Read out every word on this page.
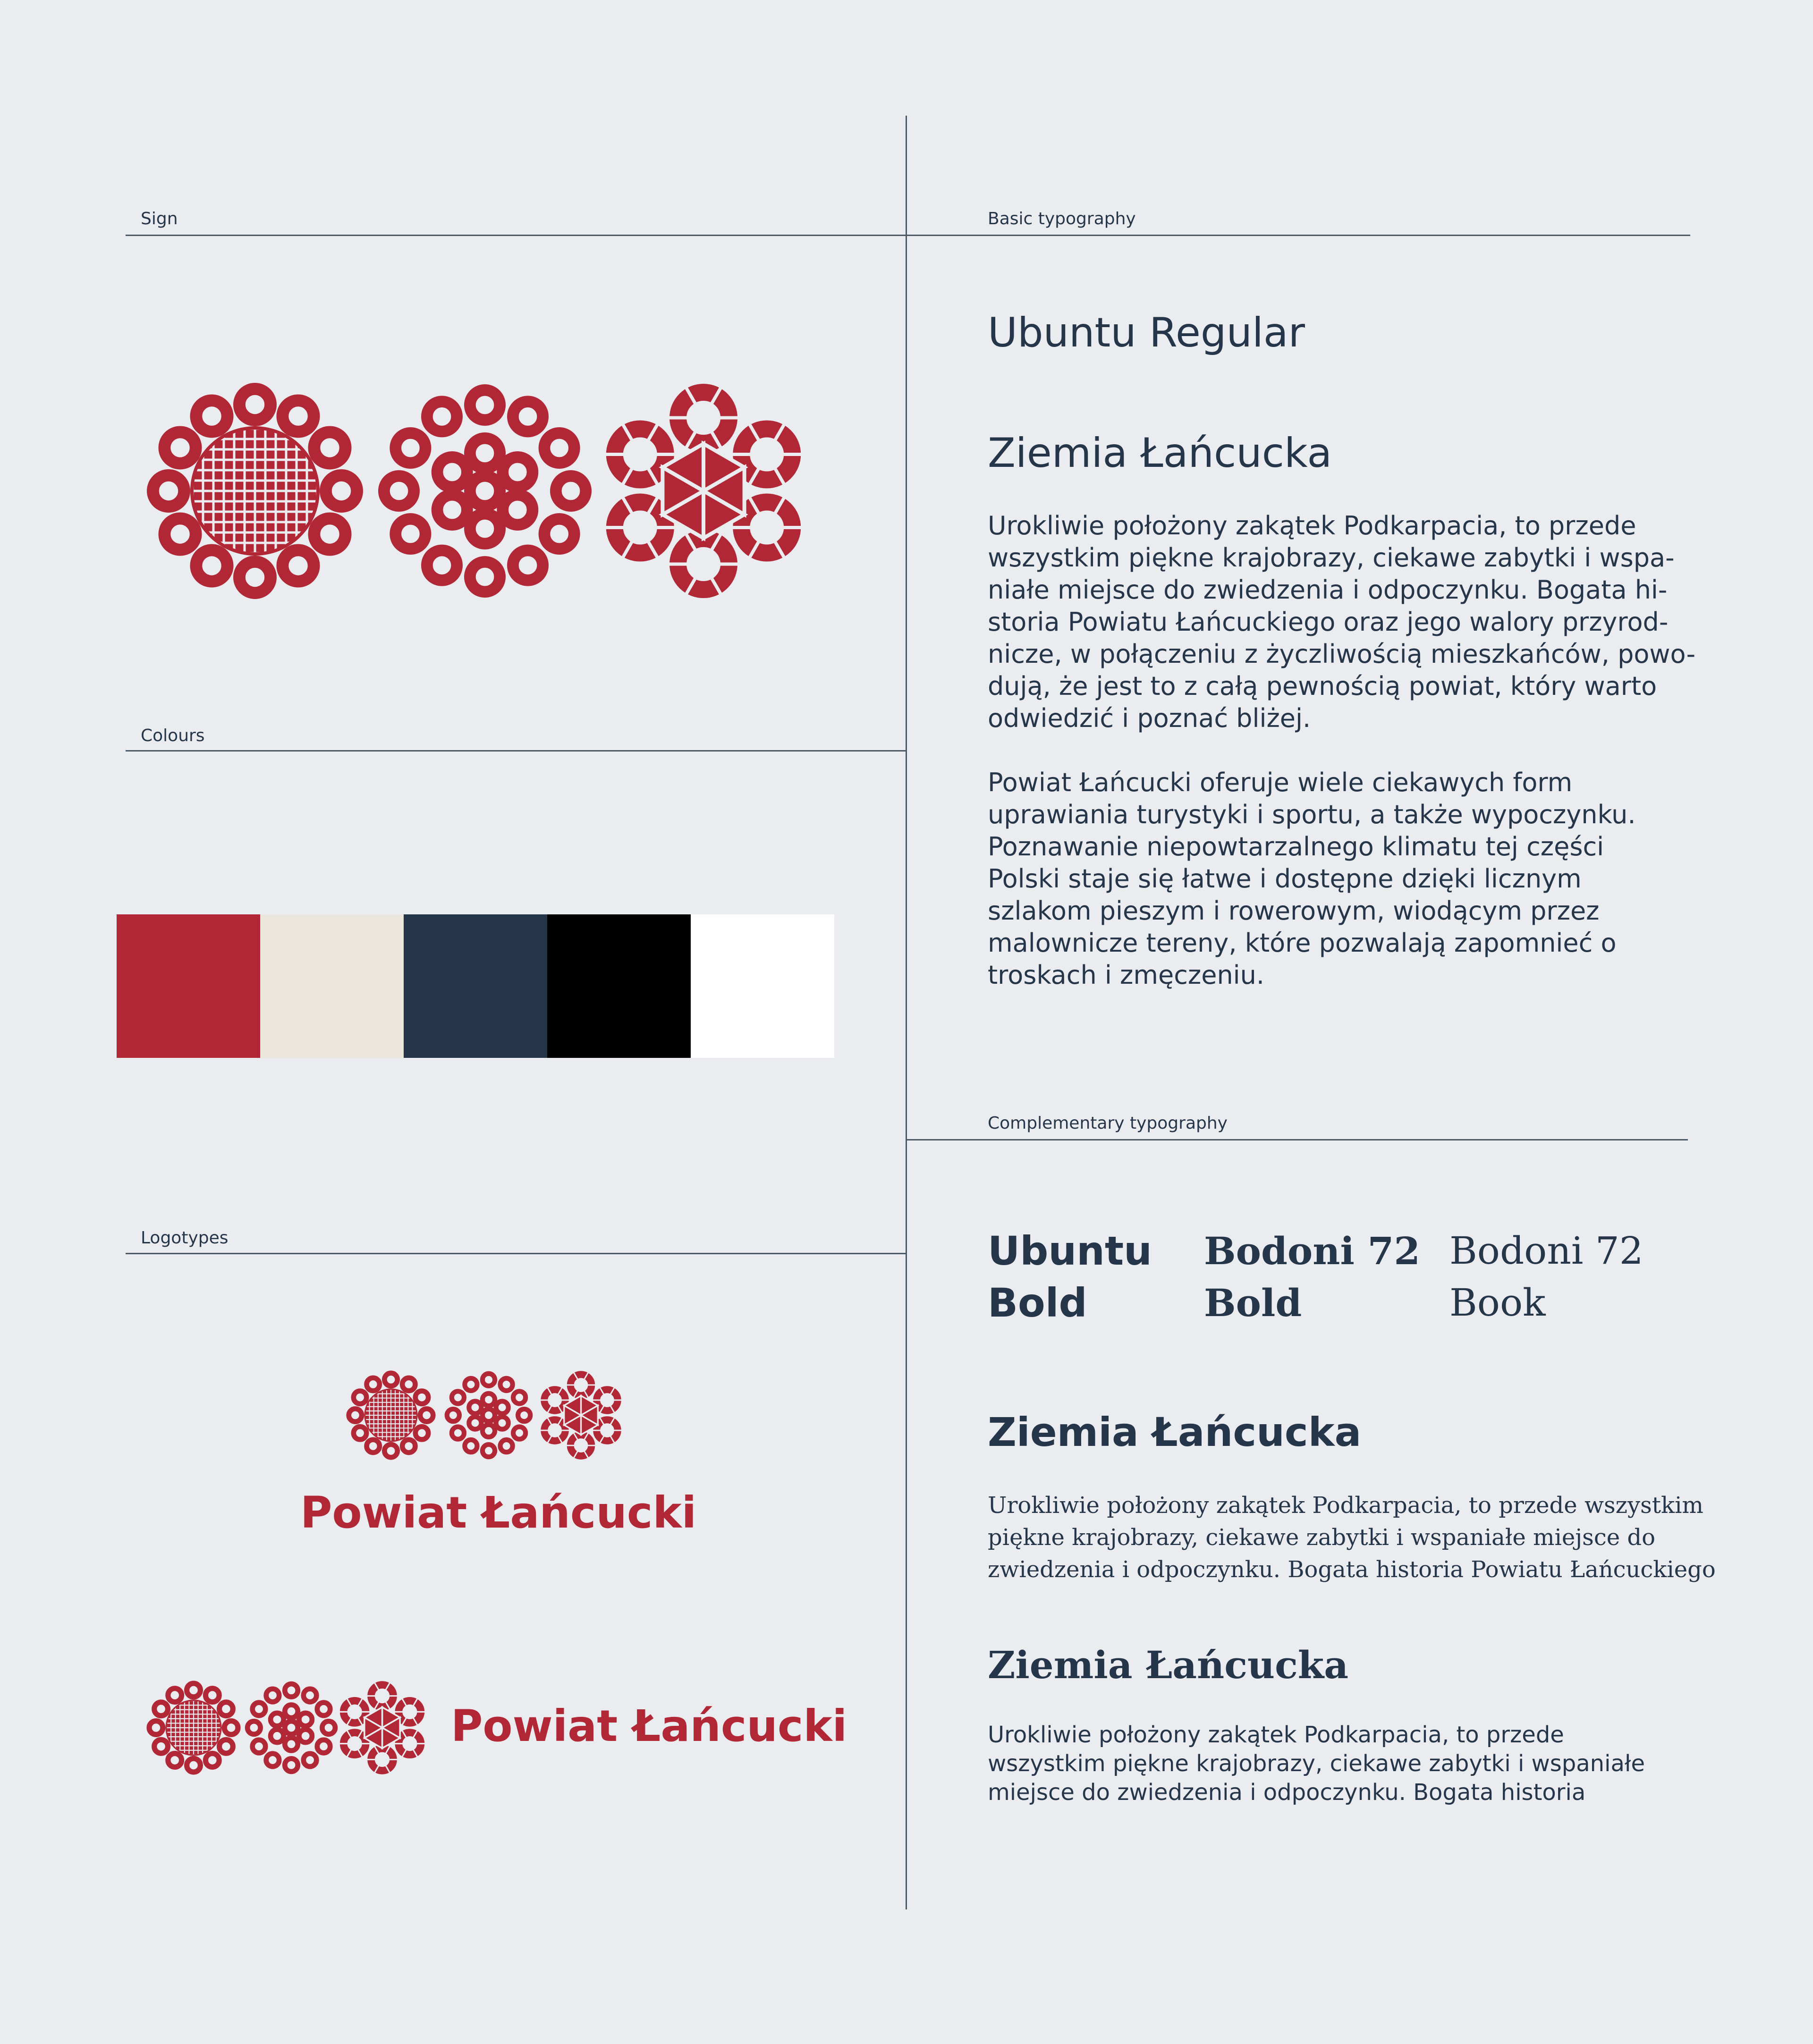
Sign	Basic typography
Colours
Complementary typography
Logotypes
Powiat Łańcucki
Powiat Łańcucki
Ubuntu Regular
Ziemia Łańcucka
Urokliwie położony zakątek Podkarpacia, to przede
wszystkim piękne krajobrazy, ciekawe zabytki i wspa-
niałe miejsce do zwiedzenia i odpoczynku. Bogata hi-
storia Powiatu Łańcuckiego oraz jego walory przyrod-
nicze, w połączeniu z życzliwością mieszkańców, powo-
dują, że jest to z całą pewnością powiat, który warto
odwiedzić i poznać bliżej.
Powiat Łańcucki oferuje wiele ciekawych form
uprawiania turystyki i sportu, a także wypoczynku.
Poznawanie niepowtarzalnego klimatu tej części
Polski staje się łatwe i dostępne dzięki licznym
szlakom pieszym i rowerowym, wiodącym przez
malownicze tereny, które pozwalają zapomnieć o
troskach i zmęczeniu.
Ubuntu
Bold
Bodoni 72
Bold
Bodoni 72
Book
Ziemia Łańcucka
Urokliwie położony zakątek Podkarpacia, to przede wszystkim
piękne krajobrazy, ciekawe zabytki i wspaniałe miejsce do
zwiedzenia i odpoczynku. Bogata historia Powiatu Łańcuckiego
Ziemia Łańcucka
Urokliwie położony zakątek Podkarpacia, to przede
wszystkim piękne krajobrazy, ciekawe zabytki i wspaniałe
miejsce do zwiedzenia i odpoczynku. Bogata historia
